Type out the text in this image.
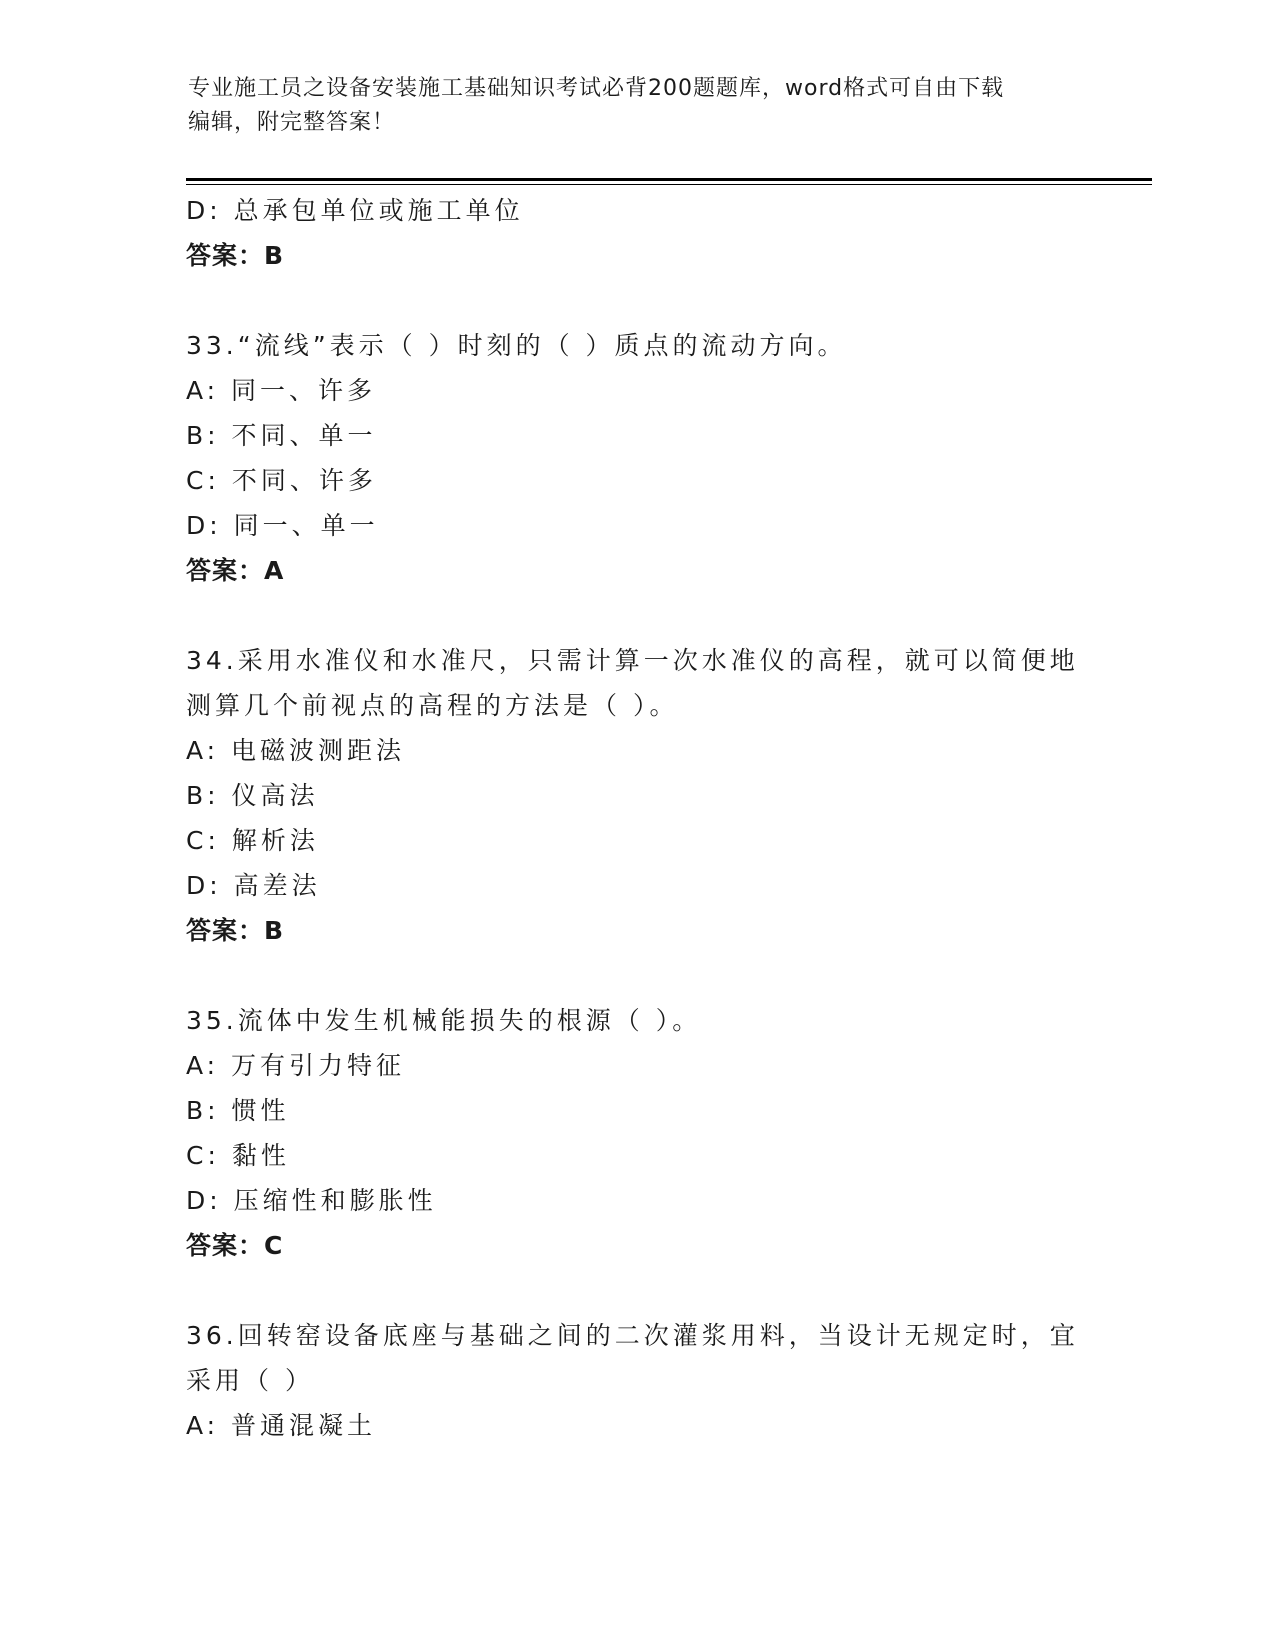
专业施工员之设备安装施工基础知识考试必背200题题库，word格式可自由下载
编辑，附完整答案！
D: 总承包单位或施工单位
答案：B
33.“流线”表示（ ）时刻的（ ）质点的流动方向。
A: 同一、许多
B: 不同、单一
C: 不同、许多
D: 同一、单一
答案：A
34.采用水准仪和水准尺，只需计算一次水准仪的高程，就可以简便地
测算几个前视点的高程的方法是（ ）。
A: 电磁波测距法
B: 仪高法
C: 解析法
D: 高差法
答案：B
35.流体中发生机械能损失的根源（ ）。
A: 万有引力特征
B: 惯性
C: 黏性
D: 压缩性和膨胀性
答案：C
36.回转窑设备底座与基础之间的二次灌浆用料，当设计无规定时，宜
采用（ ）
A: 普通混凝土
